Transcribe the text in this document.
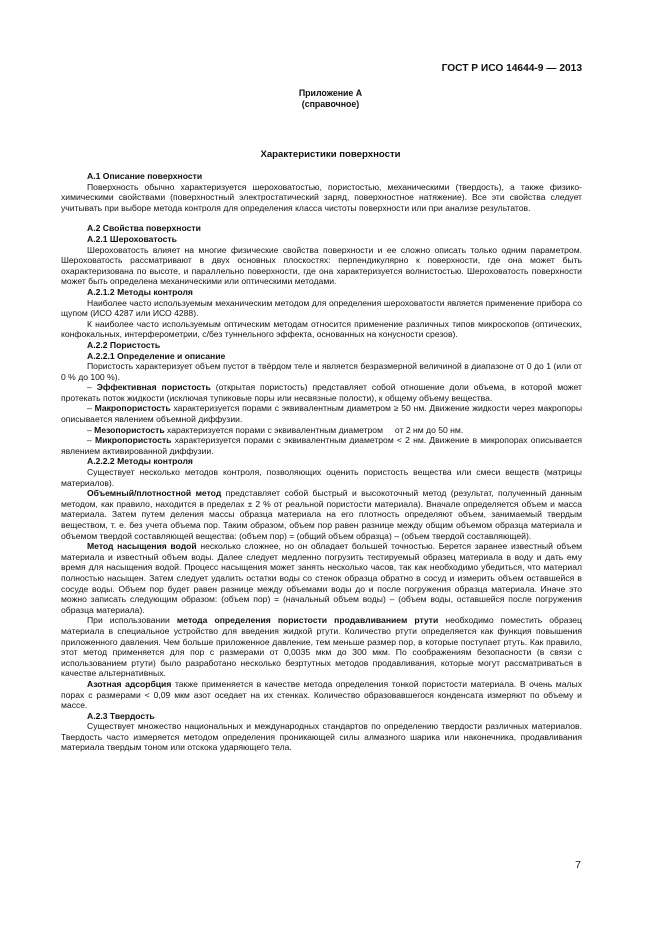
ГОСТ Р ИСО 14644-9 — 2013
Приложение А
(справочное)
Характеристики поверхности

А.1 Описание поверхности

Поверхность обычно характеризуется шероховатостью, пористостью, механическими (твердость), а также физико-химическими свойствами (поверхностный электростатический заряд, поверхностное натяжение). Все эти свойства следует учитывать при выборе метода контроля для определения класса чистоты поверхности или при анализе результатов.

А.2 Свойства поверхности

А.2.1 Шероховатость

Шероховатость влияет на многие физические свойства поверхности и ее сложно описать только одним параметром. Шероховатость рассматривают в двух основных плоскостях: перпендикулярно к поверхности, где она может быть охарактеризована по высоте, и параллельно поверхности, где она характеризуется волнистостью. Шероховатость поверхности может быть определена механическими или оптическими методами.

А.2.1.2 Методы контроля

Наиболее часто используемым механическим методом для определения шероховатости является применение прибора со щупом (ИСО 4287 или ИСО 4288).

К наиболее часто используемым оптическим методам относится применение различных типов микроскопов (оптических, конфокальных, интерферометрии, с/без туннельного эффекта, основанных на конусности срезов).

А.2.2 Пористость

А.2.2.1 Определение и описание

Пористость характеризует объем пустот в твёрдом теле и является безразмерной величиной в диапазоне от 0 до 1 (или от 0 % до 100 %).

– Эффективная пористость (открытая пористость) представляет собой отношение доли объема, в которой может протекать поток жидкости (исключая тупиковые поры или несвязные полости), к общему объему вещества.

– Макропористость характеризуется порами с эквивалентным диаметром ≥ 50 нм. Движение жидкости через макропоры описывается явлением объемной диффузии.

– Мезопористость характеризуется порами с эквивалентным диаметром     от 2 нм до 50 нм.

– Микропористость характеризуется порами с эквивалентным диаметром < 2 нм. Движение в микропорах описывается явлением активированной диффузии.

А.2.2.2 Методы контроля

Существует несколько методов контроля, позволяющих оценить пористость вещества или смеси веществ (матрицы материалов).

Объемный/плотностной метод представляет собой быстрый и высокоточный метод (результат, полученный данным методом, как правило, находится в пределах ± 2 % от реальной пористости материала). Вначале определяется объем и масса материала. Затем путем деления массы образца материала на его плотность определяют объем, занимаемый твердым веществом, т. е. без учета объема пор. Таким образом, объем пор равен разнице между общим объемом образца материала и объемом твердой составляющей вещества: (объем пор) = (общий объем образца) – (объем твердой составляющей).

Метод насыщения водой несколько сложнее, но он обладает большей точностью. Берется заранее известный объем материала и известный объем воды. Далее следует медленно погрузить тестируемый образец материала в воду и дать ему время для насыщения водой. Процесс насыщения может занять несколько часов, так как необходимо убедиться, что материал полностью насыщен. Затем следует удалить остатки воды со стенок образца обратно в сосуд и измерить объем оставшейся в сосуде воды. Объем пор будет равен разнице между объемами воды до и после погружения образца материала. Иначе это можно записать следующим образом: (объем пор) = (начальный объем воды) – (объем воды, оставшейся после погружения образца материала).

При использовании метода определения пористости продавливанием ртути необходимо поместить образец материала в специальное устройство для введения жидкой ртути. Количество ртути определяется как функция повышения приложенного давления. Чем больше приложенное давление, тем меньше размер пор, в которые поступает ртуть. Как правило, этот метод применяется для пор с размерами от 0,0035 мкм до 300 мкм. По соображениям безопасности (в связи с использованием ртути) было разработано несколько безртутных методов продавливания, которые могут рассматриваться в качестве альтернативных.

Азотная адсорбция также применяется в качестве метода определения тонкой пористости материала. В очень малых порах с размерами < 0,09 мкм азот оседает на их стенках. Количество образовавшегося конденсата измеряют по объему и массе.

А.2.3 Твердость

Существует множество национальных и международных стандартов по определению твердости различных материалов. Твердость часто измеряется методом определения проникающей силы алмазного шарика или наконечника, продавливания материала твердым тоном или отскока ударяющего тела.

7
